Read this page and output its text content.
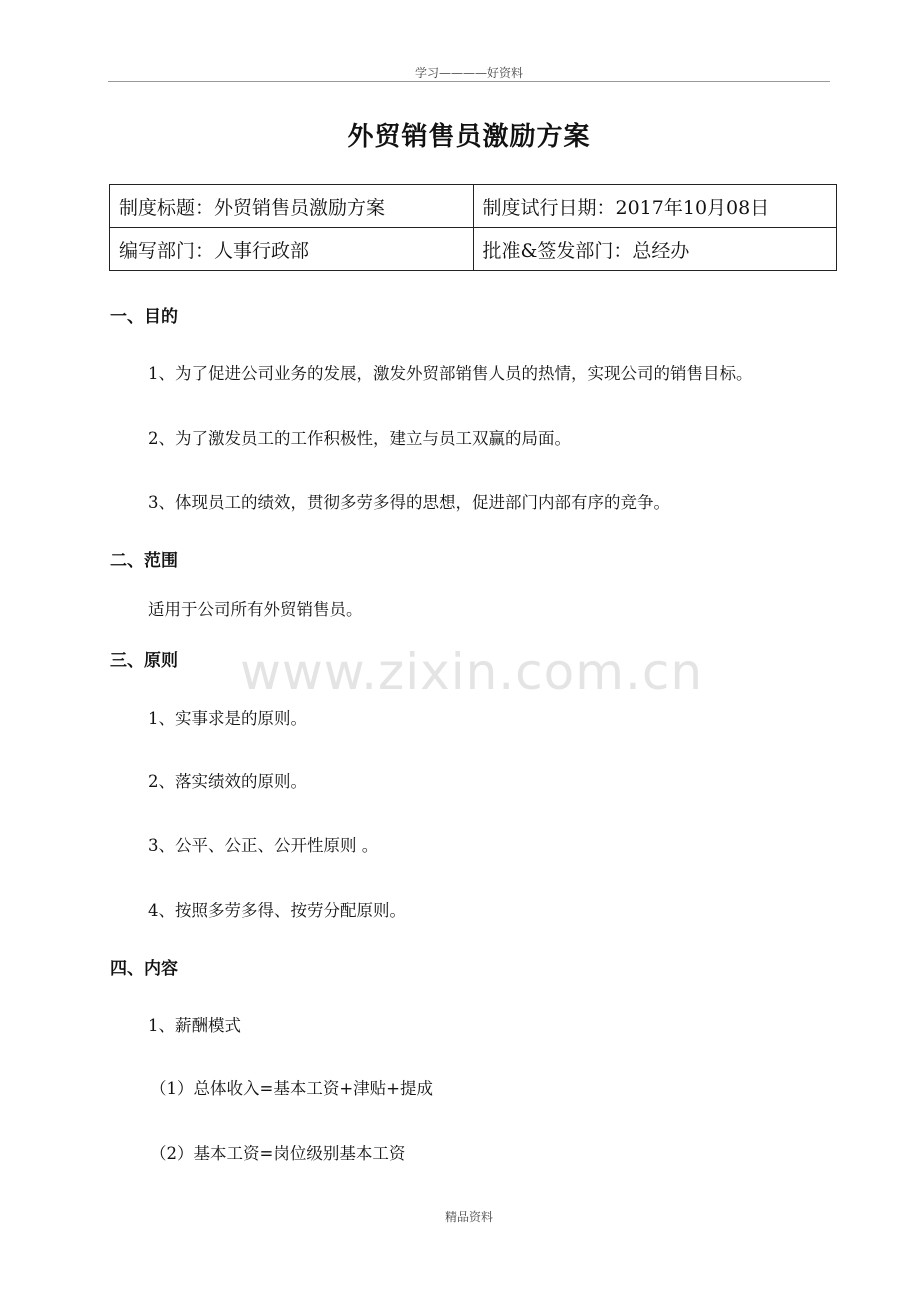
学习————好资料
外贸销售员激励方案
制度标题：外贸销售员激励方案	制度试行日期：2017年10月08日
编写部门：人事行政部	批准&签发部门：总经办
www.zixin.com.cn
一、目的
1、为了促进公司业务的发展，激发外贸部销售人员的热情，实现公司的销售目标。
2、为了激发员工的工作积极性，建立与员工双赢的局面。
3、体现员工的绩效，贯彻多劳多得的思想，促进部门内部有序的竞争。
二、范围
适用于公司所有外贸销售员。
三、原则
1、实事求是的原则。
2、落实绩效的原则。
3、公平、公正、公开性原则 。
4、按照多劳多得、按劳分配原则。
四、内容
1、薪酬模式
（1）总体收入=基本工资+津贴+提成
（2）基本工资=岗位级别基本工资
精品资料
